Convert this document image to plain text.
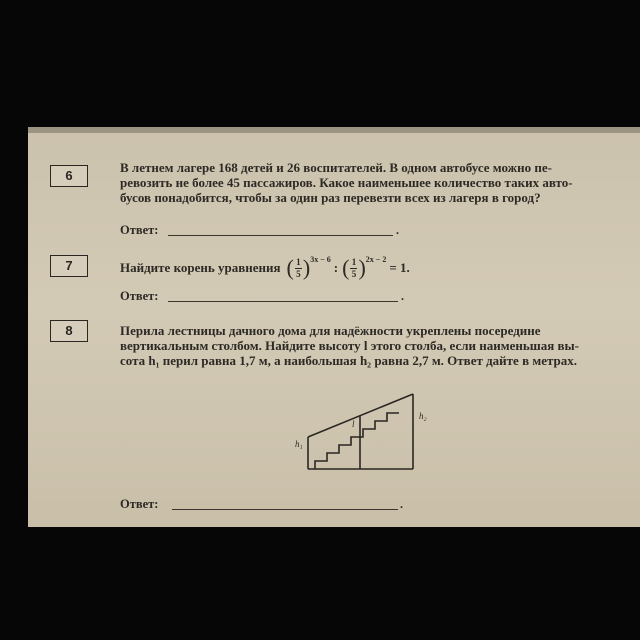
6
В летнем лагере 168 детей и 26 воспитателей. В одном автобусе можно пе-
ревозить не более 45 пассажиров. Какое наименьшее количество таких авто-
бусов понадобится, чтобы за один раз перевезти всех из лагеря в город?
Ответ:	.
7	Найдите корень уравнения ( $\frac{1}{5}$ ) 3x − 6
: ( $\frac{1}{5}$ ) 2x − 2
= 1.
Ответ:	.
8	Перила лестницы дачного дома для надёжности укреплены посередине
вертикальным столбом. Найдите высоту l этого столба, если наименьшая вы-
сота h₁ перил равна 1,7 м, а наибольшая h₂ равна 2,7 м. Ответ дайте в метрах.
h₁
h₂
l
Ответ:	.
